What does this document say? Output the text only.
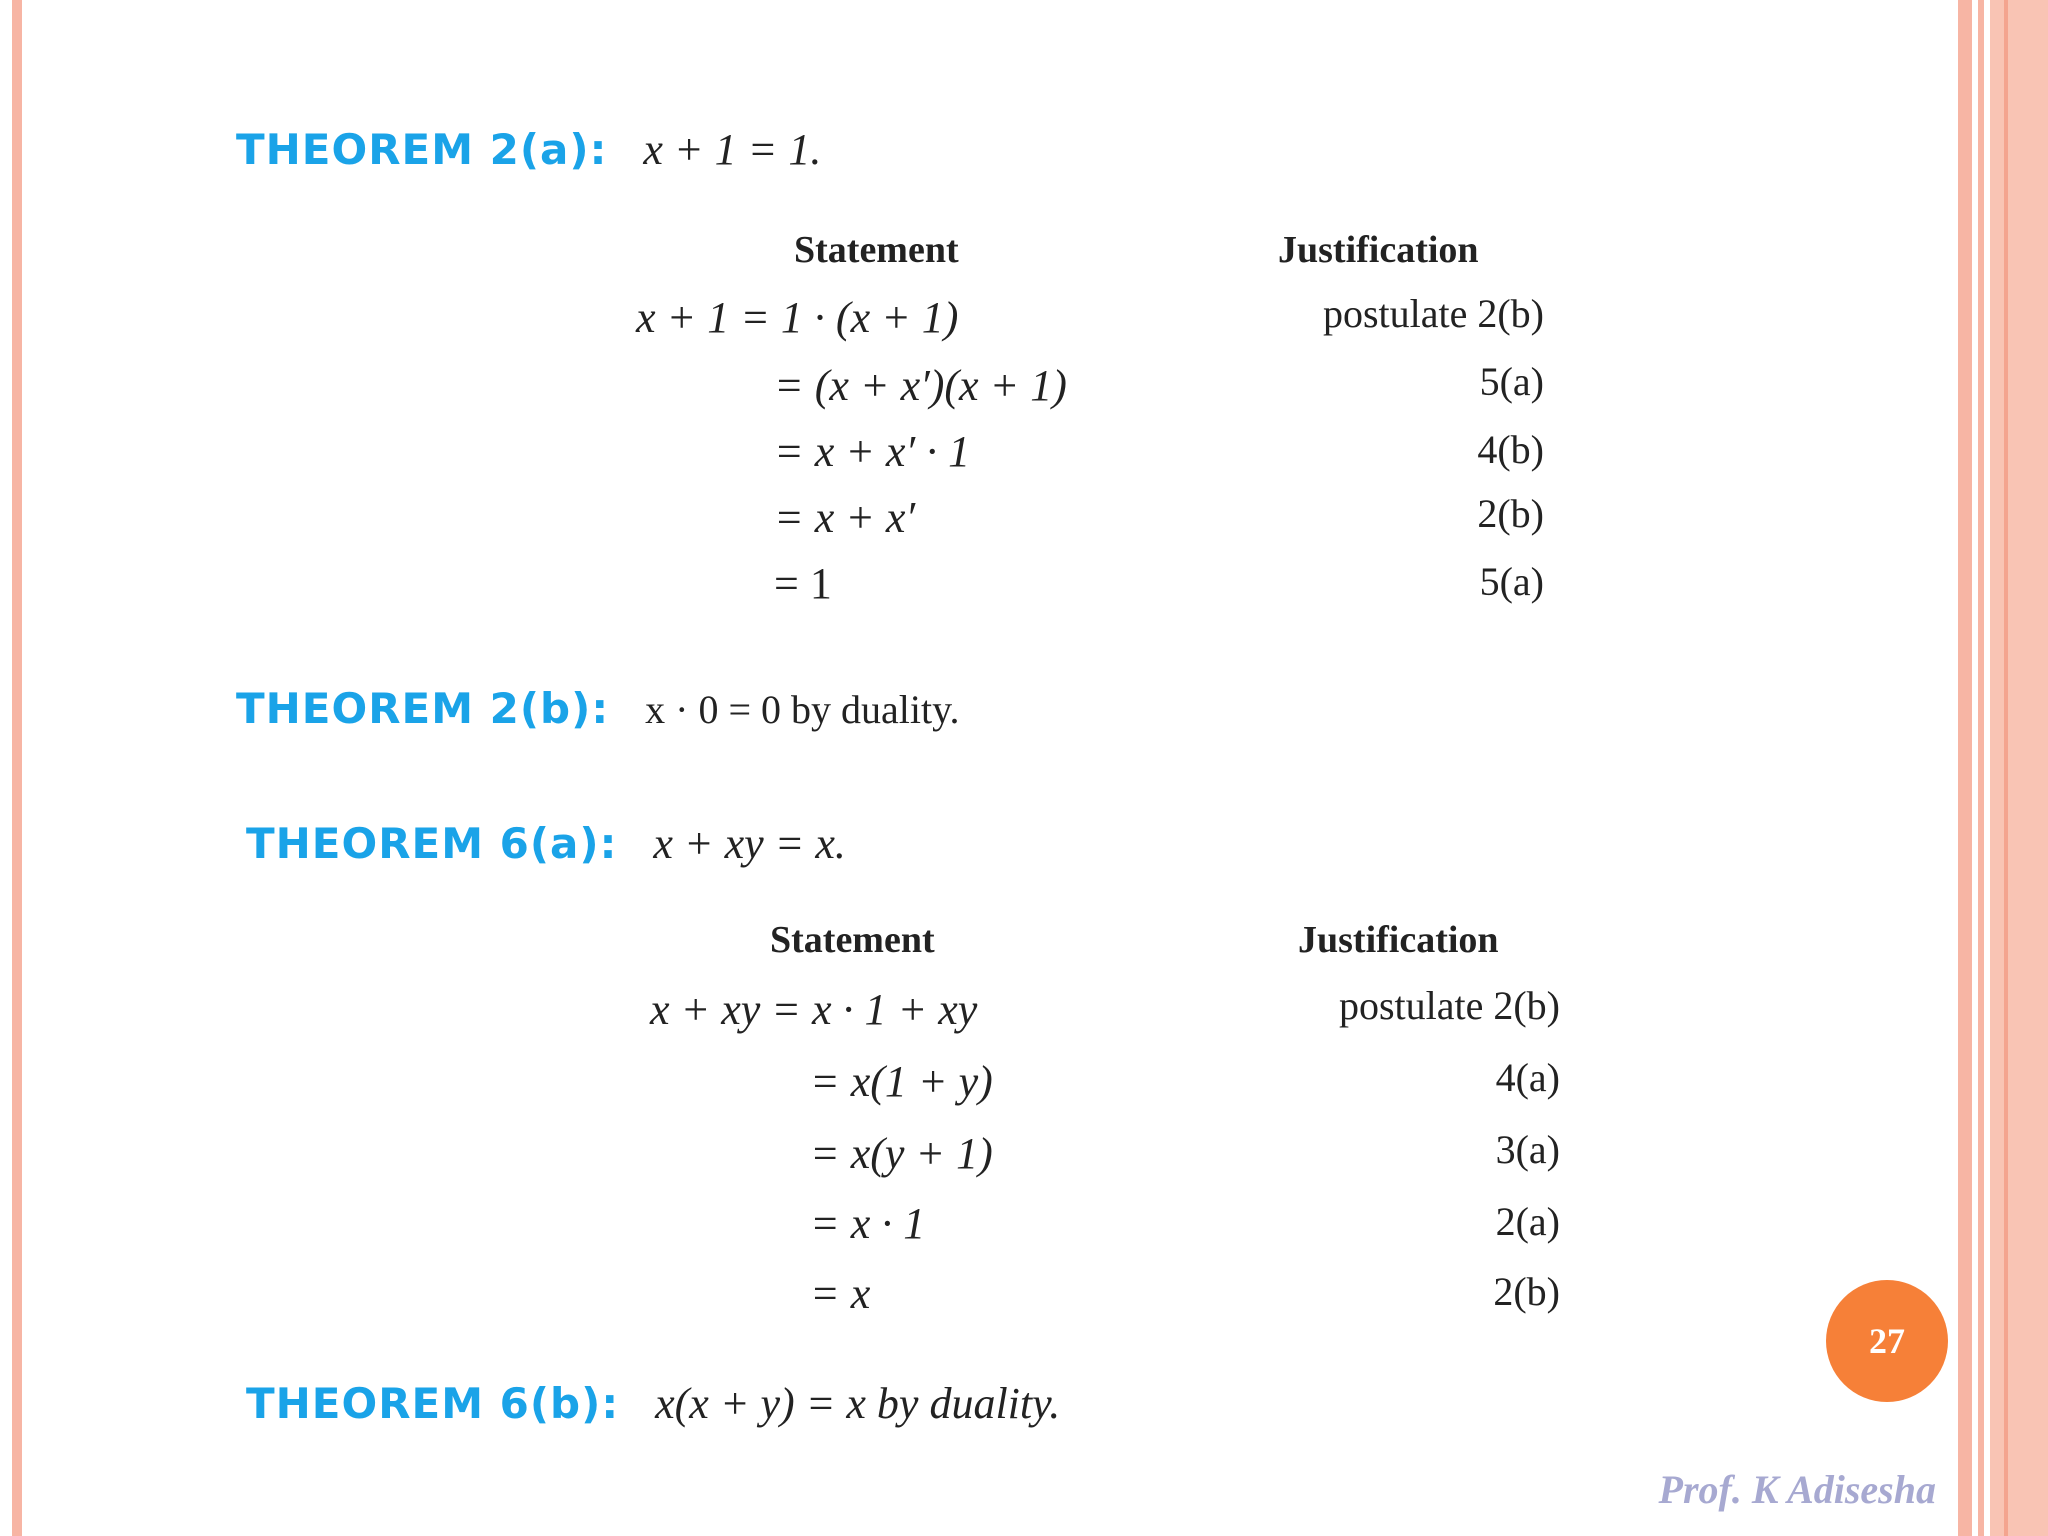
THEOREM 2(a): x + 1 = 1.
Statement	Justification
x + 1 = 1 · (x + 1)
= (x + x′)(x + 1)
= x + x′ · 1
= x + x′
= 1
postulate 2(b)
5(a)
4(b)
2(b)
5(a)
THEOREM 2(b): x · 0 = 0 by duality.
THEOREM 6(a): x + xy = x.
Statement	Justification
x + xy = x · 1 + xy
= x(1 + y)
= x(y + 1)
= x · 1
= x
postulate 2(b)
4(a)
3(a)
2(a)
2(b)
THEOREM 6(b): x(x + y) = x by duality.
27
Prof. K Adisesha
